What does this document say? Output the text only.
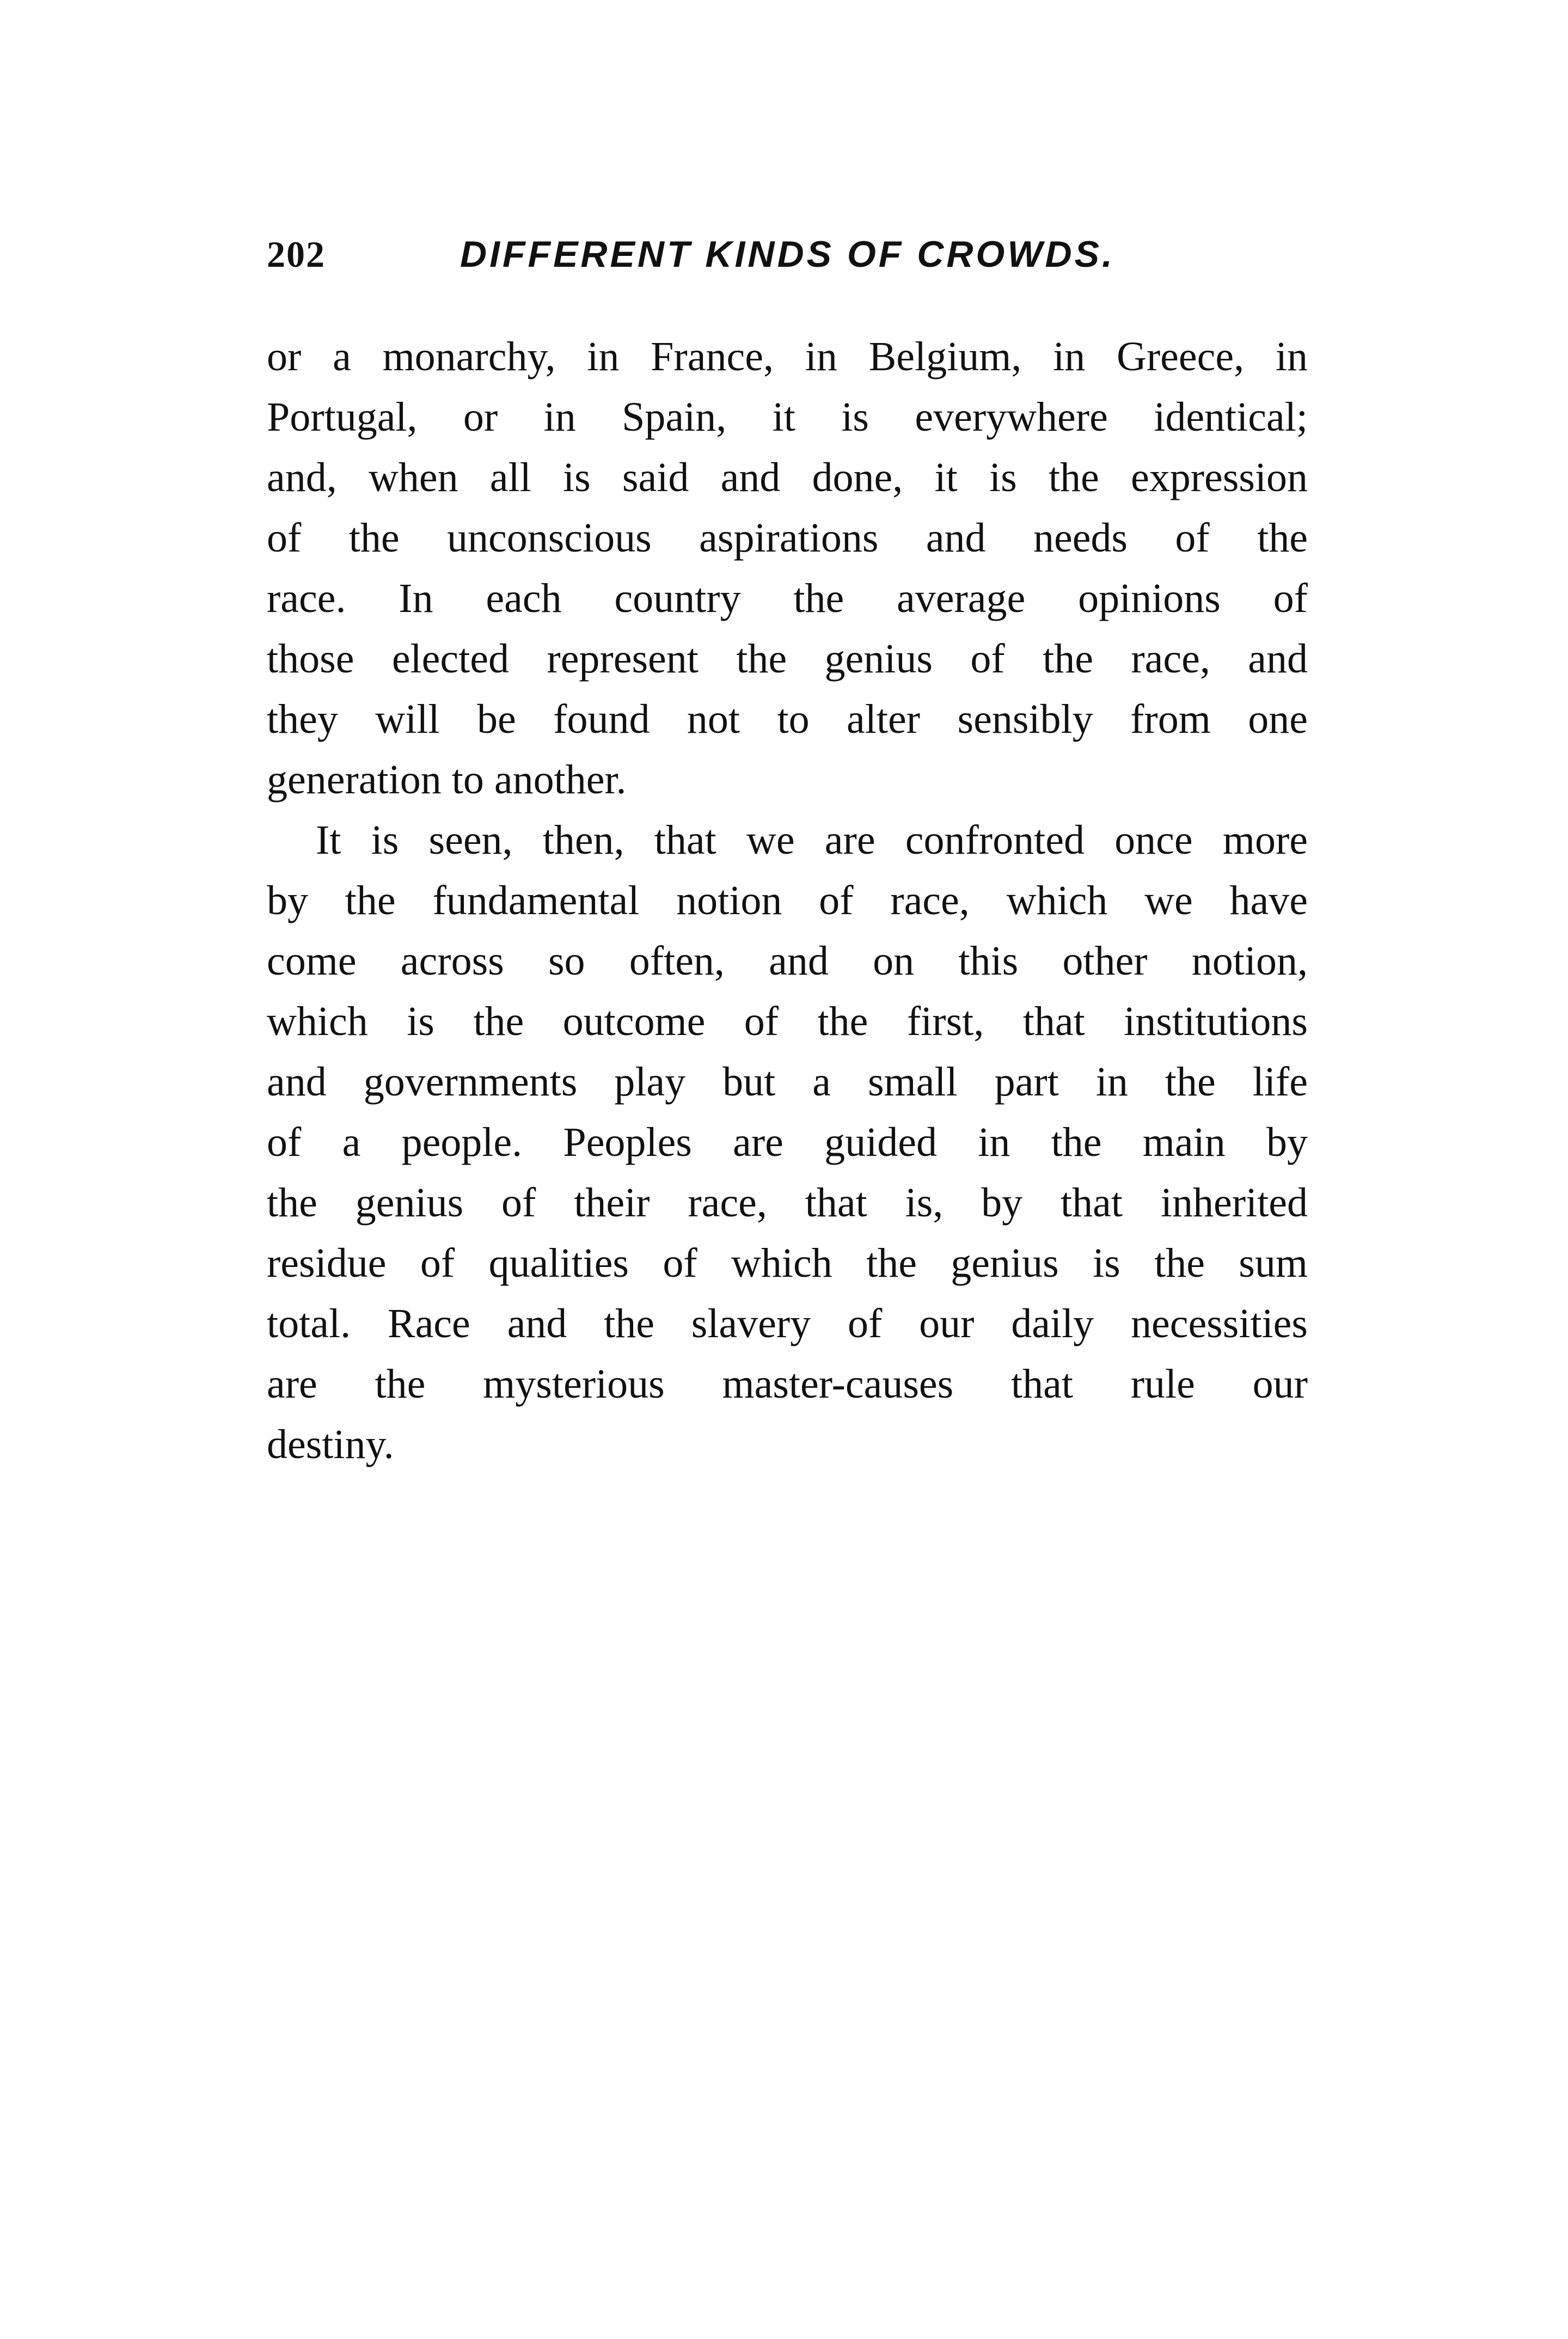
202	DIFFERENT KINDS OF CROWDS.
or a monarchy, in France, in Belgium, in Greece, in
Portugal, or in Spain, it is everywhere identical;
and, when all is said and done, it is the expression
of the unconscious aspirations and needs of the
race. In each country the average opinions of
those elected represent the genius of the race, and
they will be found not to alter sensibly from one
generation to another.
It is seen, then, that we are confronted once more
by the fundamental notion of race, which we have
come across so often, and on this other notion,
which is the outcome of the first, that institutions
and governments play but a small part in the life
of a people. Peoples are guided in the main by
the genius of their race, that is, by that inherited
residue of qualities of which the genius is the sum
total. Race and the slavery of our daily necessities
are the mysterious master-causes that rule our
destiny.
